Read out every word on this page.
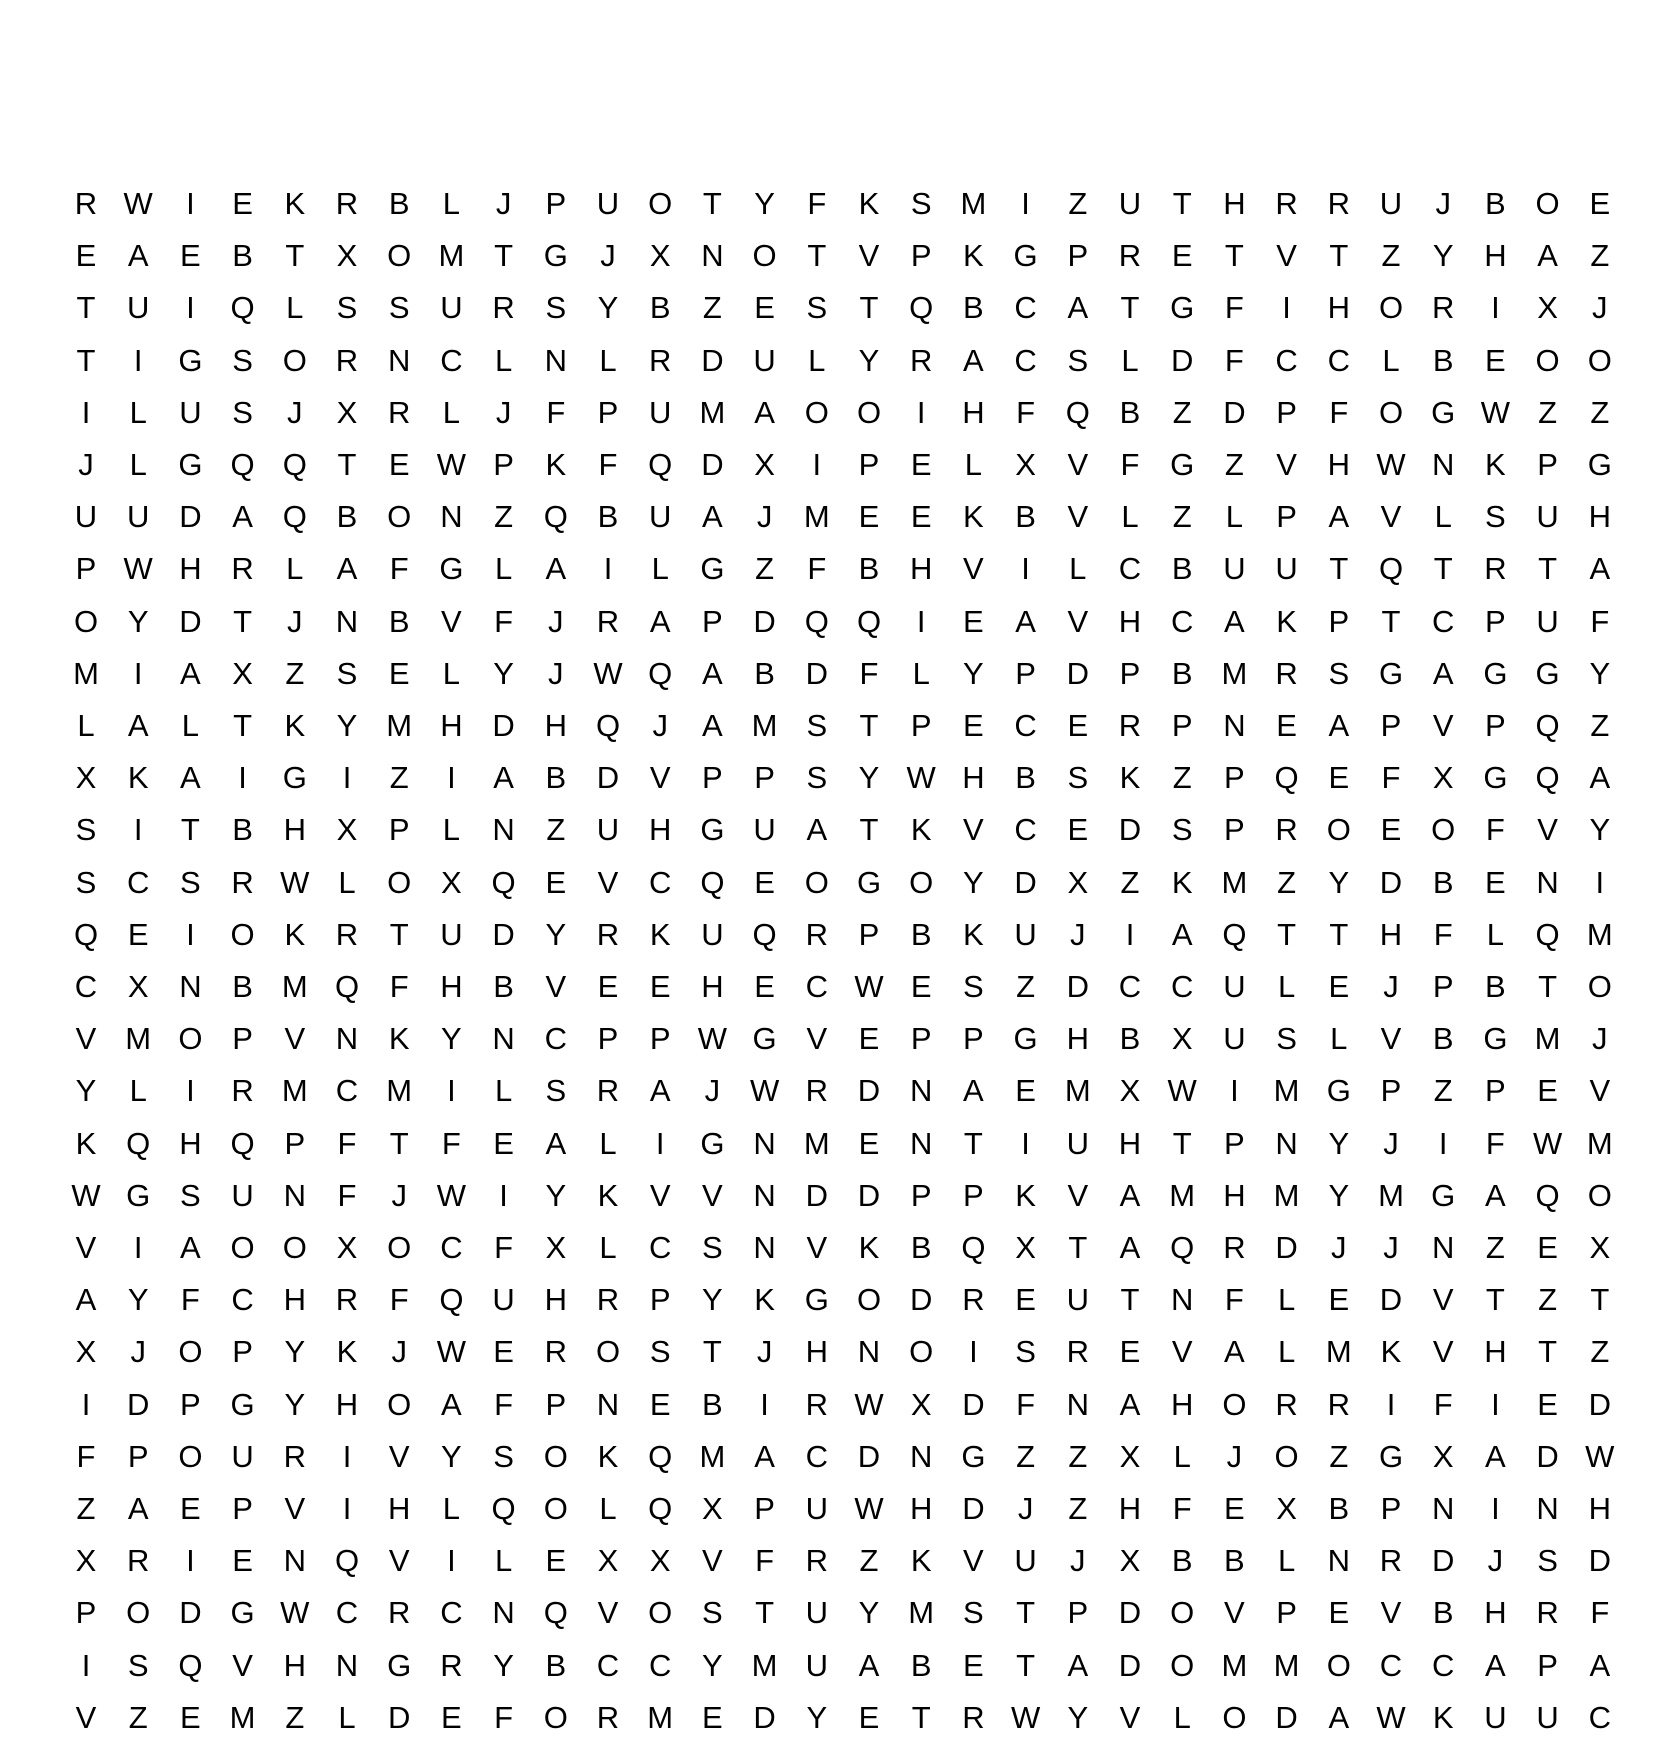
R W	I	E	K R B	L	J	P U O T	Y	F	K	S M	I	Z	U	T	H R R U	J	B O E
E	A	E	B	T	X O M T G	J	X N O T	V	P	K G P R E	T	V	T	Z	Y H A	Z
T	U	I	Q	L	S	S U R S	Y	B	Z	E	S	T Q B C A	T G F	I	H O R	I	X	J
T	I	G S O R N C	L	N	L	R D U	L	Y R A C S	L	D	F	C C	L	B	E O O
I	L	U S	J	X R	L	J	F	P U M A O O	I	H	F Q B	Z	D P	F O G W Z	Z
J	L	G Q Q T	E W P	K	F Q D X	I	P	E	L	X	V	F G Z	V H W N K	P G
U U D A Q B O N	Z Q B U A	J	M E	E	K	B	V	L	Z	L	P	A	V	L	S U H
P W H R	L	A	F G	L	A	I	L	G Z	F	B H V	I	L	C B U U	T Q T	R	T	A
O Y D	T	J	N B	V	F	J	R A	P D Q Q	I	E	A	V H C A	K	P	T	C P U	F
M	I	A	X	Z	S	E	L	Y	J W Q A	B D	F	L	Y	P D P	B M R S G A G G Y
L	A	L	T	K	Y M H D H Q	J	A M S	T	P	E C E R P N E	A	P	V	P Q Z
X	K	A	I	G	I	Z	I	A	B D V	P	P	S	Y W H B	S	K	Z	P Q E	F	X G Q A
S	I	T	B H X	P	L	N	Z	U H G U A	T	K	V C E D S	P R O E O F	V	Y
S C S R W L	O X Q E	V C Q E O G O Y D X	Z	K M Z	Y D B	E N	I
Q E	I	O K R	T	U D Y R K U Q R P	B	K U	J	I	A Q T	T	H	F	L	Q M
C X N B M Q F	H B	V	E	E H E C W E	S	Z	D C C U	L	E	J	P	B	T O
V M O P	V N K	Y N C P	P W G V	E	P	P G H B	X U S	L	V	B G M	J
Y	L	I	R M C M	I	L	S R A	J W R D N A	E M X W	I	M G P	Z	P	E	V
K Q H Q P	F	T	F	E	A	L	I	G N M E N	T	I	U H	T	P N Y	J	I	F W M
W G S U N	F	J W	I	Y	K	V	V N D D P	P	K	V	A M H M Y M G A Q O
V	I	A O O X O C	F	X	L	C S N V	K	B Q X	T	A Q R D	J	J	N	Z	E	X
A	Y	F	C H R	F Q U H R P	Y	K G O D R E U	T	N	F	L	E D V	T	Z	T
X	J	O P	Y	K	J W E R O S	T	J	H N O	I	S R E	V	A	L M K	V H	T	Z
I	D P G Y H O A	F	P N E	B	I	R W X D	F	N A H O R R	I	F	I	E D
F	P O U R	I	V	Y	S O K Q M A C D N G Z	Z	X	L	J	O Z G X	A D W
Z	A	E	P	V	I	H	L	Q O	L	Q X	P U W H D	J	Z	H	F	E	X	B	P N	I	N H
X R	I	E N Q V	I	L	E	X	X	V	F	R	Z	K	V U	J	X	B	B	L	N R D	J	S D
P O D G W C R C N Q V O S	T	U Y M S	T	P D O V	P	E	V	B H R	F
I	S Q V H N G R Y	B C C Y M U A	B	E	T	A D O M M O C C A	P	A
V	Z	E M Z	L	D E	F O R M E D Y	E	T	R W Y	V	L	O D A W K U U C
